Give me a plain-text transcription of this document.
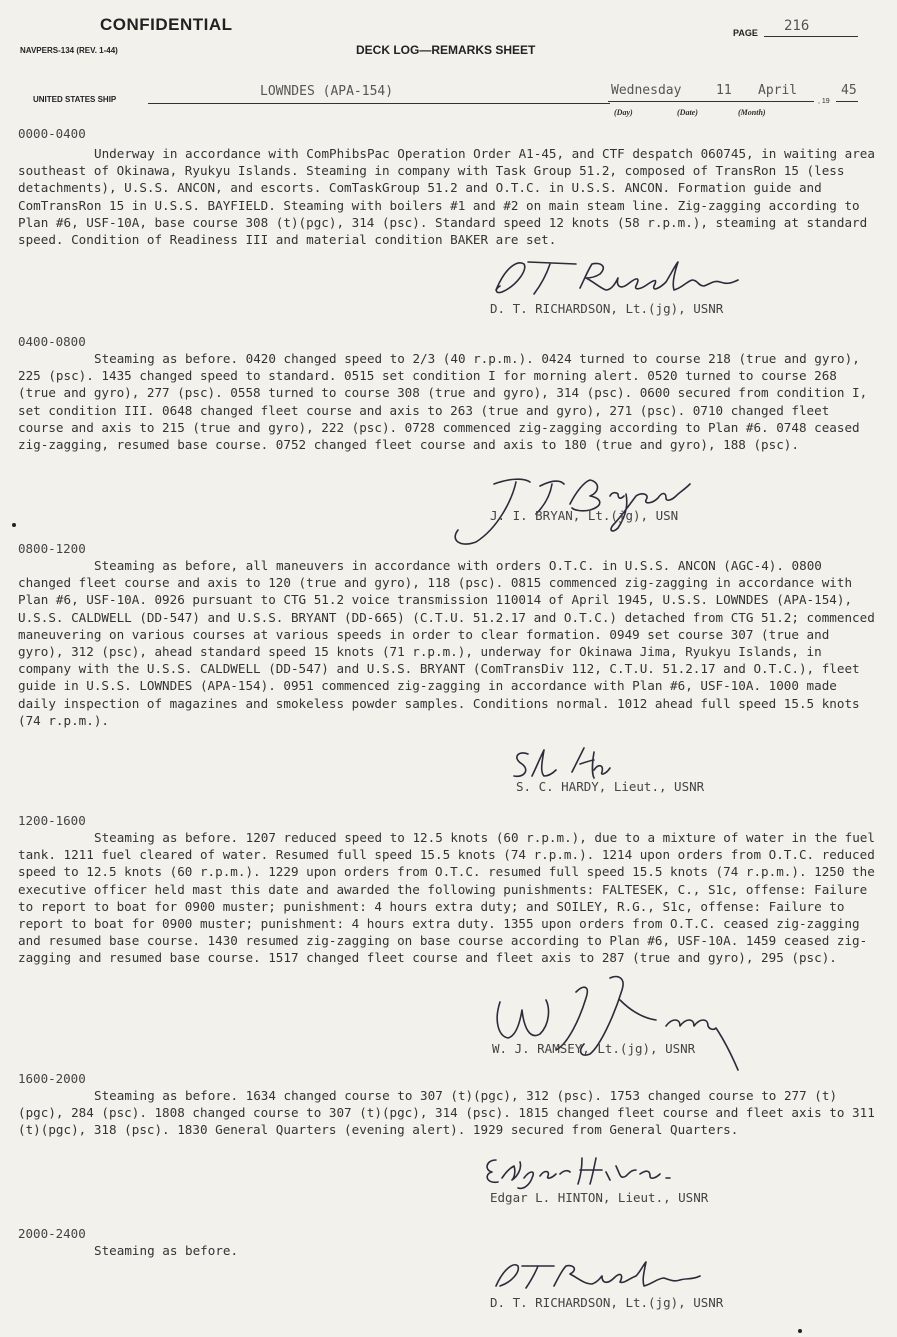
CONFIDENTIAL	PAGE 216
NAVPERS-134 (REV. 1-44)	DECK LOG—REMARKS SHEET
UNITED STATES SHIP
LOWNDES (APA-154)	Wednesday	11 April
, 19
45
(Day)	(Date)	(Month)
0000-0400

Underway in accordance with ComPhibsPac Operation Order A1-45, and CTF despatch 060745, in waiting area southeast of Okinawa, Ryukyu Islands. Steaming in company with Task Group 51.2, composed of TransRon 15 (less detachments), U.S.S. ANCON, and escorts. ComTaskGroup 51.2 and O.T.C. in U.S.S. ANCON. Formation guide and ComTransRon 15 in U.S.S. BAYFIELD. Steaming with boilers #1 and #2 on main steam line. Zig-zagging according to Plan #6, USF-10A, base course 308 (t)(pgc), 314 (psc). Standard speed 12 knots (58 r.p.m.), steaming at standard speed. Condition of Readiness III and material condition BAKER are set.

D. T. RICHARDSON, Lt.(jg), USNR
0400-0800

Steaming as before. 0420 changed speed to 2/3 (40 r.p.m.). 0424 turned to course 218 (true and gyro), 225 (psc). 1435 changed speed to standard. 0515 set condition I for morning alert. 0520 turned to course 268 (true and gyro), 277 (psc). 0558 turned to course 308 (true and gyro), 314 (psc). 0600 secured from condition I, set condition III. 0648 changed fleet course and axis to 263 (true and gyro), 271 (psc). 0710 changed fleet course and axis to 215 (true and gyro), 222 (psc). 0728 commenced zig-zagging according to Plan #6. 0748 ceased zig-zagging, resumed base course. 0752 changed fleet course and axis to 180 (true and gyro), 188 (psc).

J. I. BRYAN, Lt.(jg), USN
0800-1200

Steaming as before, all maneuvers in accordance with orders O.T.C. in U.S.S. ANCON (AGC-4). 0800 changed fleet course and axis to 120 (true and gyro), 118 (psc). 0815 commenced zig-zagging in accordance with Plan #6, USF-10A. 0926 pursuant to CTG 51.2 voice transmission 110014 of April 1945, U.S.S. LOWNDES (APA-154), U.S.S. CALDWELL (DD-547) and U.S.S. BRYANT (DD-665) (C.T.U. 51.2.17 and O.T.C.) detached from CTG 51.2; commenced maneuvering on various courses at various speeds in order to clear formation. 0949 set course 307 (true and gyro), 312 (psc), ahead standard speed 15 knots (71 r.p.m.), underway for Okinawa Jima, Ryukyu Islands, in company with the U.S.S. CALDWELL (DD-547) and U.S.S. BRYANT (ComTransDiv 112, C.T.U. 51.2.17 and O.T.C.), fleet guide in U.S.S. LOWNDES (APA-154). 0951 commenced zig-zagging in accordance with Plan #6, USF-10A. 1000 made daily inspection of magazines and smokeless powder samples. Conditions normal. 1012 ahead full speed 15.5 knots (74 r.p.m.).

S. C. HARDY, Lieut., USNR
1200-1600

Steaming as before. 1207 reduced speed to 12.5 knots (60 r.p.m.), due to a mixture of water in the fuel tank. 1211 fuel cleared of water. Resumed full speed 15.5 knots (74 r.p.m.). 1214 upon orders from O.T.C. reduced speed to 12.5 knots (60 r.p.m.). 1229 upon orders from O.T.C. resumed full speed 15.5 knots (74 r.p.m.). 1250 the executive officer held mast this date and awarded the following punishments: FALTESEK, C., S1c, offense: Failure to report to boat for 0900 muster; punishment: 4 hours extra duty; and SOILEY, R.G., S1c, offense: Failure to report to boat for 0900 muster; punishment: 4 hours extra duty. 1355 upon orders from O.T.C. ceased zig-zagging and resumed base course. 1430 resumed zig-zagging on base course according to Plan #6, USF-10A. 1459 ceased zig-zagging and resumed base course. 1517 changed fleet course and fleet axis to 287 (true and gyro), 295 (psc).

W. J. RAMSEY, Lt.(jg), USNR
1600-2000

Steaming as before. 1634 changed course to 307 (t)(pgc), 312 (psc). 1753 changed course to 277 (t)(pgc), 284 (psc). 1808 changed course to 307 (t)(pgc), 314 (psc). 1815 changed fleet course and fleet axis to 311 (t)(pgc), 318 (psc). 1830 General Quarters (evening alert). 1929 secured from General Quarters.

Edgar L. HINTON, Lieut., USNR
2000-2400

Steaming as before.

D. T. RICHARDSON, Lt.(jg), USNR
